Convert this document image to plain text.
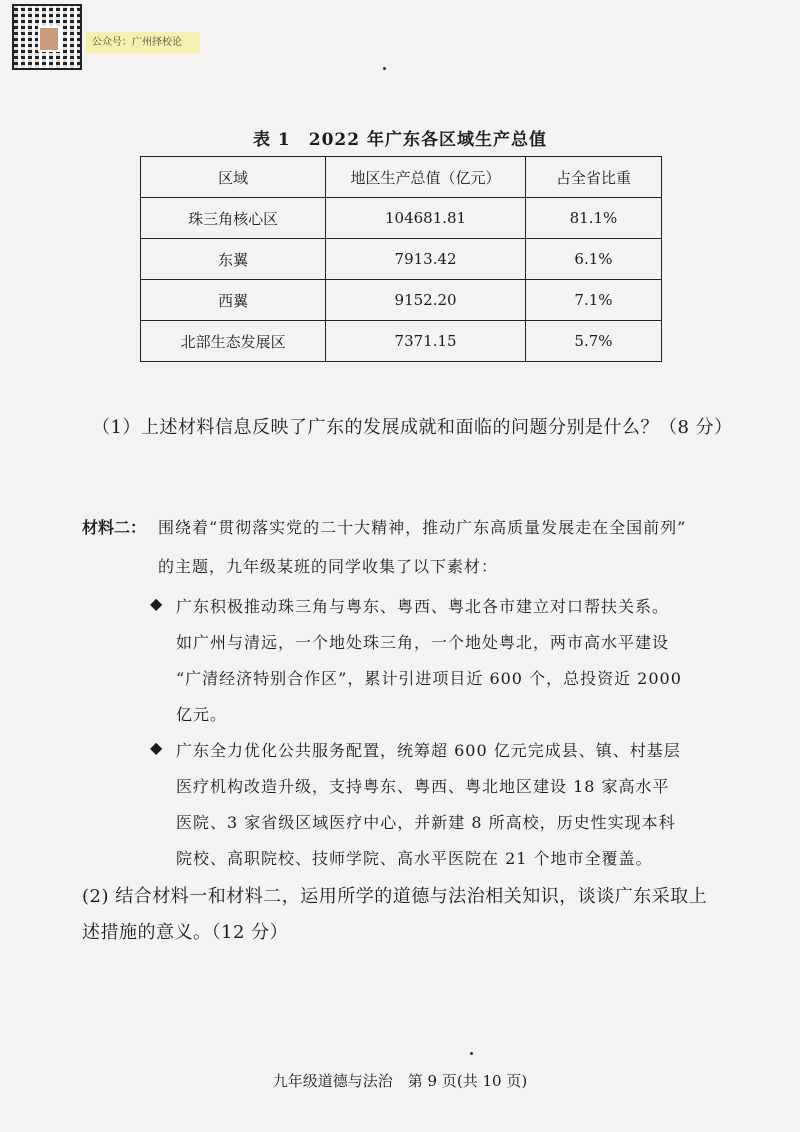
公众号：广州择校论
表 1　2022 年广东各区域生产总值
区域	地区生产总值（亿元）	占全省比重
珠三角核心区	104681.81	81.1%
东翼	7913.42	6.1%
西翼	9152.20	7.1%
北部生态发展区	7371.15	5.7%
（1）上述材料信息反映了广东的发展成就和面临的问题分别是什么？（8 分）
材料二： 围绕着“贯彻落实党的二十大精神，推动广东高质量发展走在全国前列”
的主题，九年级某班的同学收集了以下素材：
◆ 广东积极推动珠三角与粤东、粤西、粤北各市建立对口帮扶关系。
如广州与清远，一个地处珠三角，一个地处粤北，两市高水平建设
“广清经济特别合作区”，累计引进项目近 600 个，总投资近 2000
亿元。
◆ 广东全力优化公共服务配置，统筹超 600 亿元完成县、镇、村基层
医疗机构改造升级，支持粤东、粤西、粤北地区建设 18 家高水平
医院、3 家省级区域医疗中心，并新建 8 所高校，历史性实现本科
院校、高职院校、技师学院、高水平医院在 21 个地市全覆盖。
(2) 结合材料一和材料二，运用所学的道德与法治相关知识，谈谈广东采取上
述措施的意义。（12 分）
九年级道德与法治　第 9 页(共 10 页)
